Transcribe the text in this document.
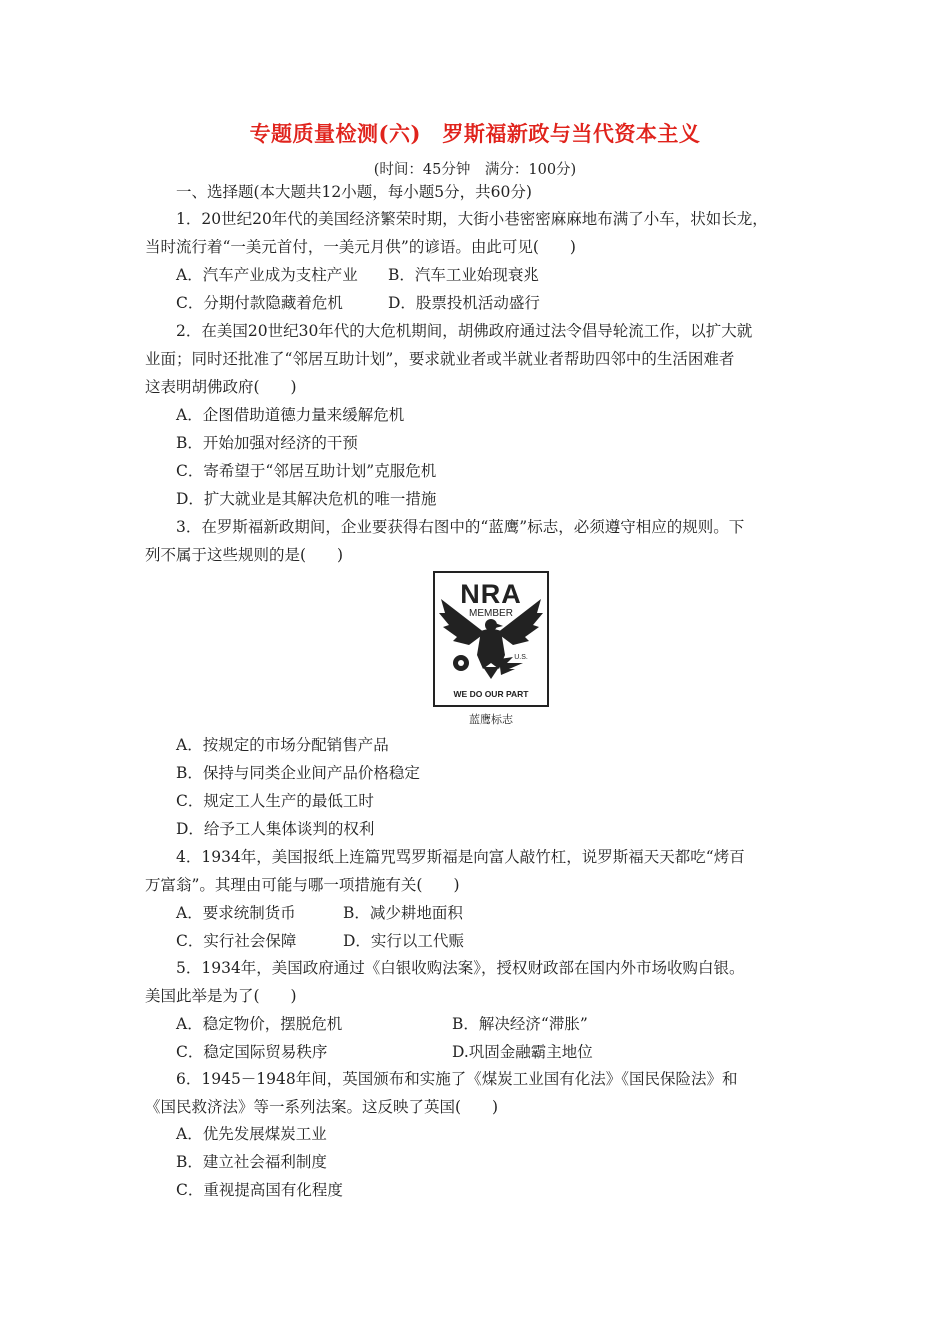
专题质量检测(六)　罗斯福新政与当代资本主义
(时间：45分钟　满分：100分)
一、选择题(本大题共12小题，每小题5分，共60分)
1．20世纪20年代的美国经济繁荣时期，大街小巷密密麻麻地布满了小车，状如长龙，
当时流行着“一美元首付，一美元月供”的谚语。由此可见(　　)
A．汽车产业成为支柱产业 B．汽车工业始现衰兆
C．分期付款隐藏着危机	D．股票投机活动盛行
2．在美国20世纪30年代的大危机期间，胡佛政府通过法令倡导轮流工作，以扩大就
业面；同时还批准了“邻居互助计划”，要求就业者或半就业者帮助四邻中的生活困难者
这表明胡佛政府(　　)
A．企图借助道德力量来缓解危机
B．开始加强对经济的干预
C．寄希望于“邻居互助计划”克服危机
D．扩大就业是其解决危机的唯一措施
3．在罗斯福新政期间，企业要获得右图中的“蓝鹰”标志，必须遵守相应的规则。下
列不属于这些规则的是(　　)
NRA
MEMBER
U.S.
WE DO OUR PART
蓝鹰标志
A．按规定的市场分配销售产品
B．保持与同类企业间产品价格稳定
C．规定工人生产的最低工时
D．给予工人集体谈判的权利
4．1934年，美国报纸上连篇咒骂罗斯福是向富人敲竹杠，说罗斯福天天都吃“烤百
万富翁”。其理由可能与哪一项措施有关(　　)
A．要求统制货币	B．减少耕地面积
C．实行社会保障	D．实行以工代赈
5．1934年，美国政府通过《白银收购法案》，授权财政部在国内外市场收购白银。
美国此举是为了(　　)
A．稳定物价，摆脱危机	B．解决经济“滞胀”
C．稳定国际贸易秩序	D.巩固金融霸主地位
6．1945－1948年间，英国颁布和实施了《煤炭工业国有化法》《国民保险法》和
《国民救济法》等一系列法案。这反映了英国(　　)
A．优先发展煤炭工业
B．建立社会福利制度
C．重视提高国有化程度
